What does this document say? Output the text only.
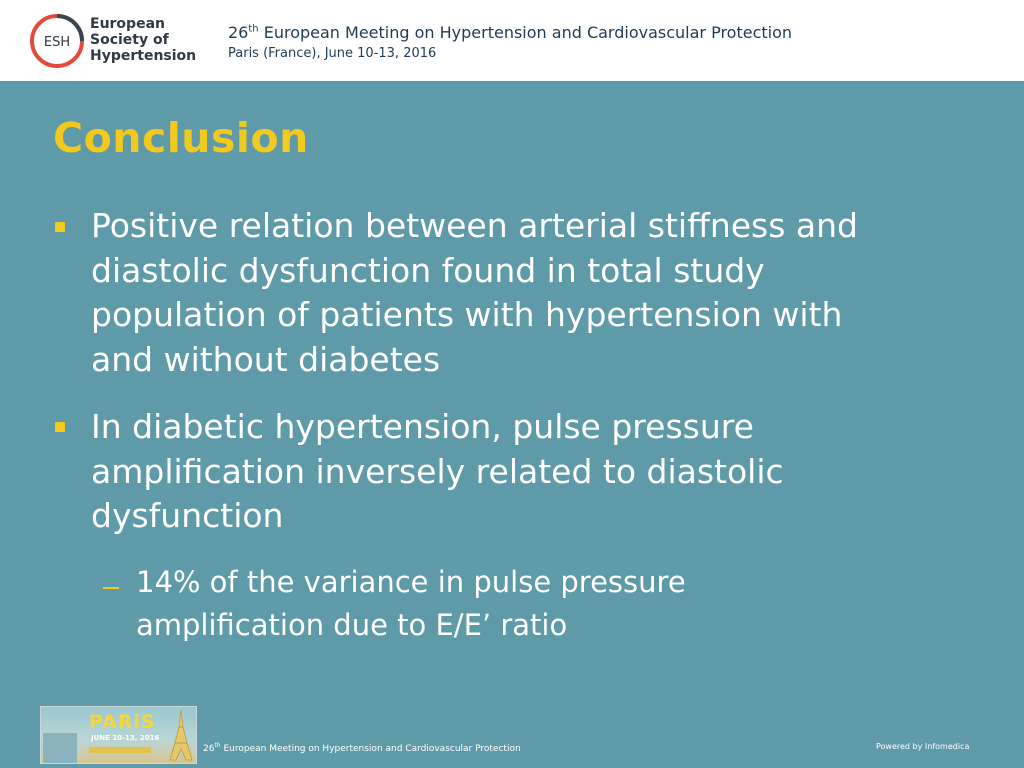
ESH
European
Society of
Hypertension
26th European Meeting on Hypertension and Cardiovascular Protection
Paris (France), June 10-13, 2016
Conclusion
Positive relation between arterial stiffness and
diastolic dysfunction found in total study
population of patients with hypertension with
and without diabetes
In diabetic hypertension, pulse pressure
amplification inversely related to diastolic
dysfunction
14% of the variance in pulse pressure
amplification due to E/E’ ratio
PARiS
JUNE 10-13, 2016
26th European Meeting on Hypertension and Cardiovascular Protection	Powered by Infomedica
